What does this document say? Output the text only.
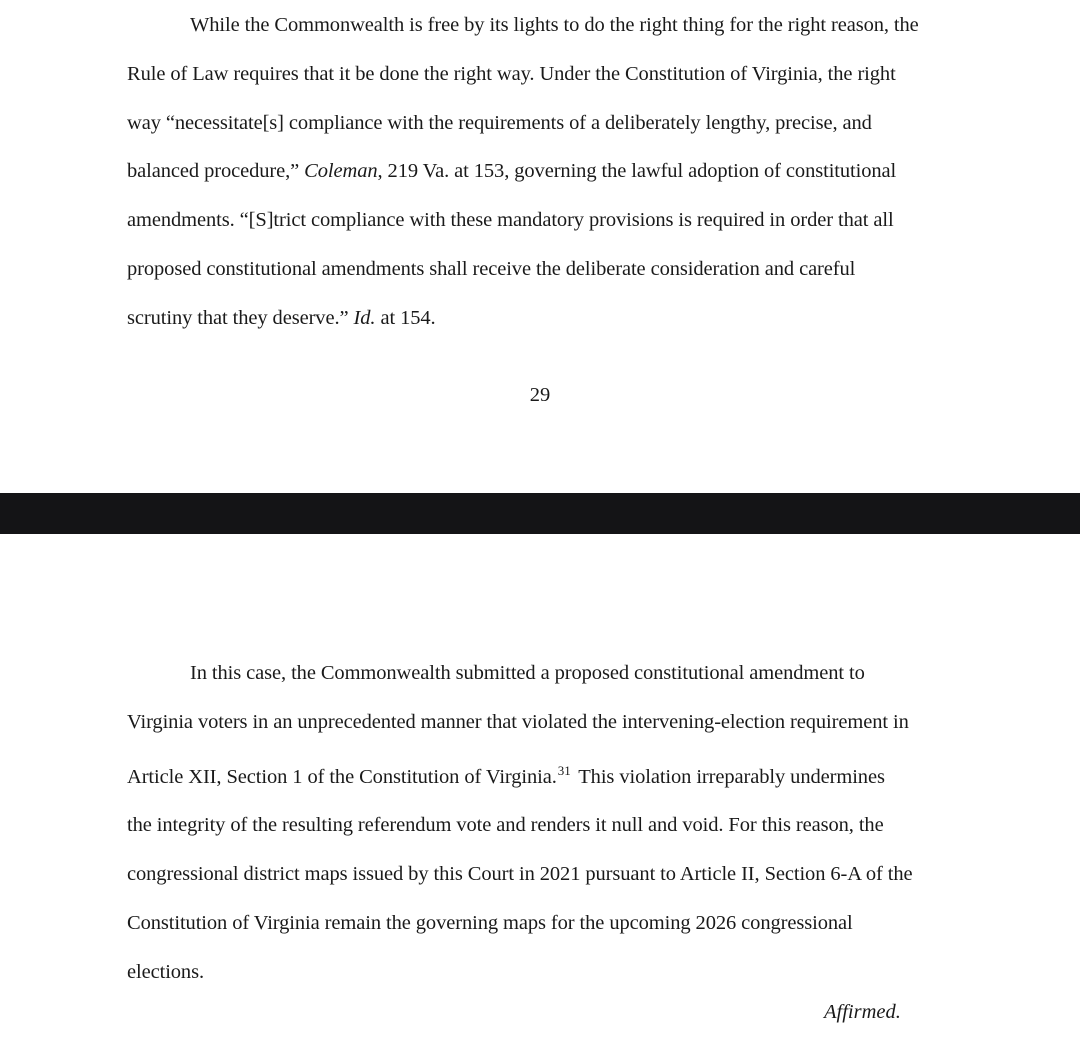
While the Commonwealth is free by its lights to do the right thing for the right reason, the
Rule of Law requires that it be done the right way. Under the Constitution of Virginia, the right
way “necessitate[s] compliance with the requirements of a deliberately lengthy, precise, and
balanced procedure,” Coleman, 219 Va. at 153, governing the lawful adoption of constitutional
amendments. “[S]trict compliance with these mandatory provisions is required in order that all
proposed constitutional amendments shall receive the deliberate consideration and careful
scrutiny that they deserve.” Id. at 154.

29

In this case, the Commonwealth submitted a proposed constitutional amendment to
Virginia voters in an unprecedented manner that violated the intervening-election requirement in
Article XII, Section 1 of the Constitution of Virginia.$^{31}$ This violation irreparably undermines
the integrity of the resulting referendum vote and renders it null and void. For this reason, the
congressional district maps issued by this Court in 2021 pursuant to Article II, Section 6-A of the
Constitution of Virginia remain the governing maps for the upcoming 2026 congressional
elections.

Affirmed.
